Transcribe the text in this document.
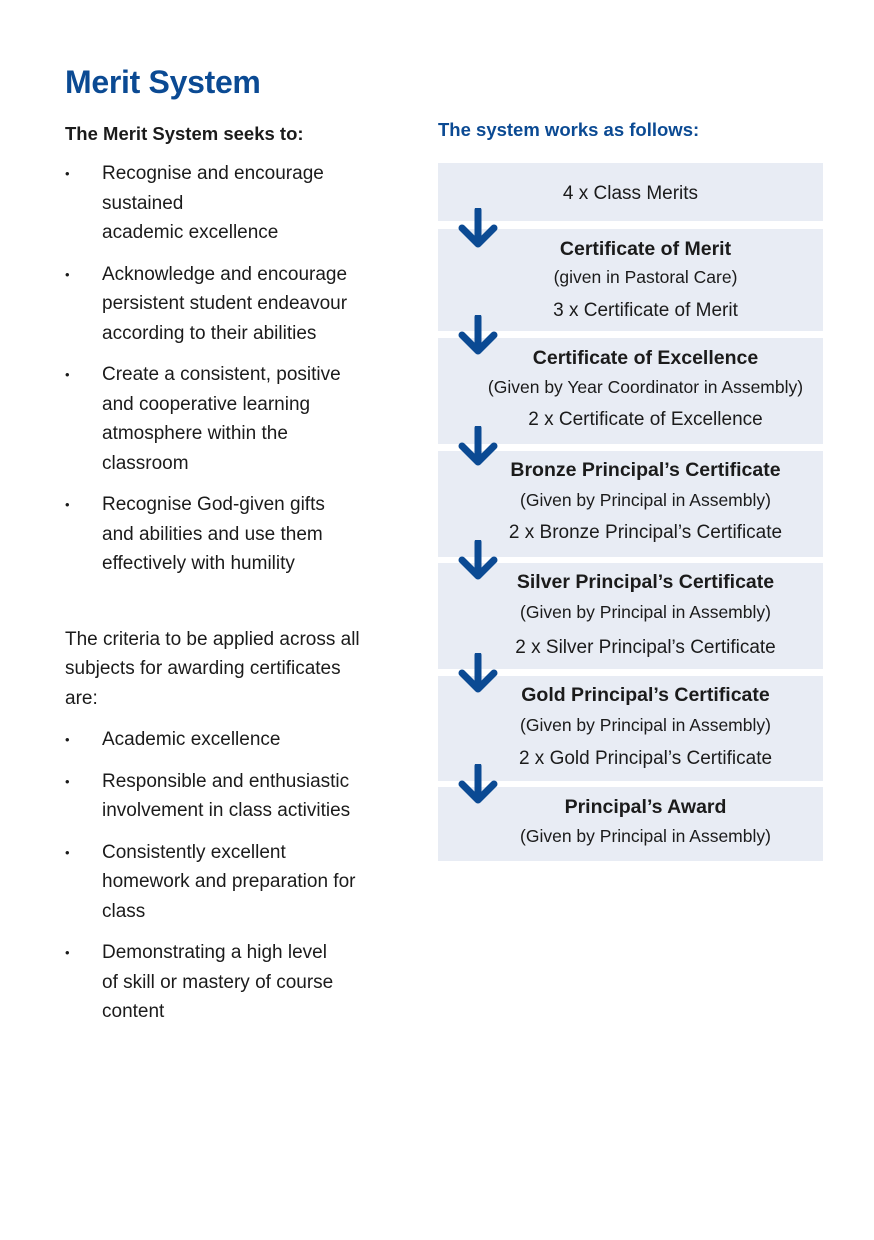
Merit System

The Merit System seeks to:

• Recognise and encourage
sustained
academic excellence
• Acknowledge and encourage
persistent student endeavour
according to their abilities
• Create a consistent, positive
and cooperative learning
atmosphere within the
classroom
• Recognise God-given gifts
and abilities and use them
effectively with humility

The criteria to be applied across all
subjects for awarding certificates
are:

• Academic excellence
• Responsible and enthusiastic
involvement in class activities
• Consistently excellent
homework and preparation for
class
• Demonstrating a high level
of skill or mastery of course
content
The system works as follows:
4 x Class Merits
Certificate of Merit
(given in Pastoral Care)
3 x Certificate of Merit
Certificate of Excellence
(Given by Year Coordinator in Assembly)
2 x Certificate of Excellence
Bronze Principal’s Certificate
(Given by Principal in Assembly)
2 x Bronze Principal’s Certificate
Silver Principal’s Certificate
(Given by Principal in Assembly)
2 x Silver Principal’s Certificate
Gold Principal’s Certificate
(Given by Principal in Assembly)
2 x Gold Principal’s Certificate
Principal’s Award
(Given by Principal in Assembly)
